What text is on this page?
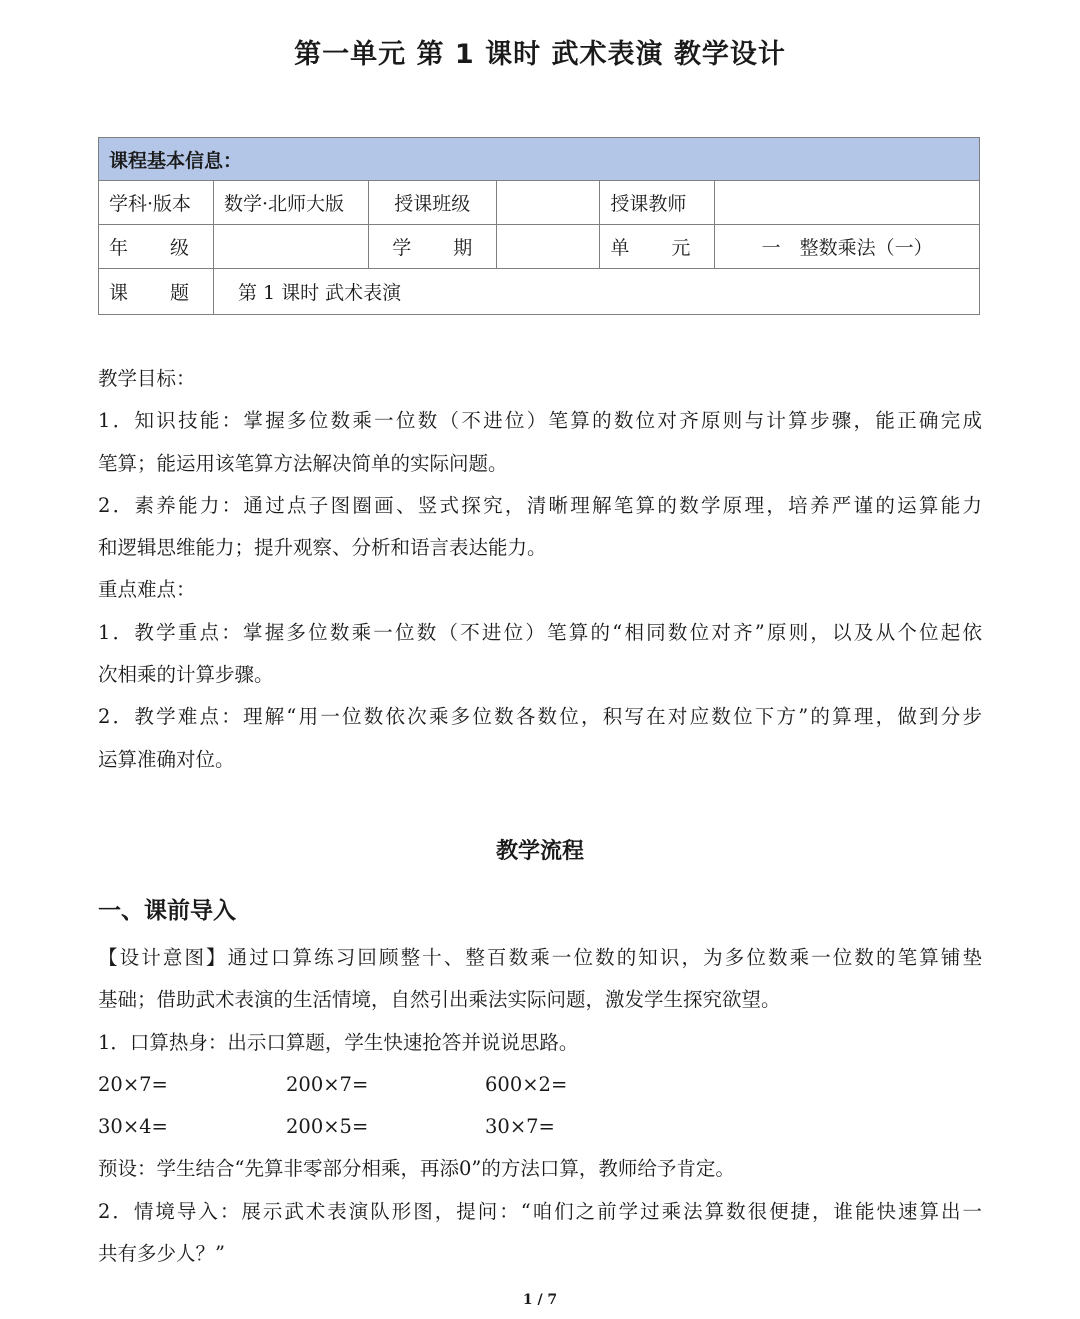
第一单元 第 1 课时 武术表演 教学设计
课程基本信息：					
学科·版本	数学·北师大版	授课班级		授课教师	

年 级		学 期		单 元	一　整数乘法（一）

课 题	第 1 课时 武术表演				
教学目标：
1．知识技能：掌握多位数乘一位数（不进位）笔算的数位对齐原则与计算步骤，能正确完成
笔算；能运用该笔算方法解决简单的实际问题。
2．素养能力：通过点子图圈画、竖式探究，清晰理解笔算的数学原理，培养严谨的运算能力
和逻辑思维能力；提升观察、分析和语言表达能力。
重点难点：
1．教学重点：掌握多位数乘一位数（不进位）笔算的“相同数位对齐”原则，以及从个位起依
次相乘的计算步骤。
2．教学难点：理解“用一位数依次乘多位数各数位，积写在对应数位下方”的算理，做到分步
运算准确对位。
教学流程
一、课前导入
【设计意图】通过口算练习回顾整十、整百数乘一位数的知识，为多位数乘一位数的笔算铺垫
基础；借助武术表演的生活情境，自然引出乘法实际问题，激发学生探究欲望。
1．口算热身：出示口算题，学生快速抢答并说说思路。
20×7=	200×7=	600×2=
30×4=	200×5=	30×7=
预设：学生结合“先算非零部分相乘，再添0”的方法口算，教师给予肯定。
2．情境导入：展示武术表演队形图，提问：“咱们之前学过乘法算数很便捷，谁能快速算出一
共有多少人？”
1 / 7
